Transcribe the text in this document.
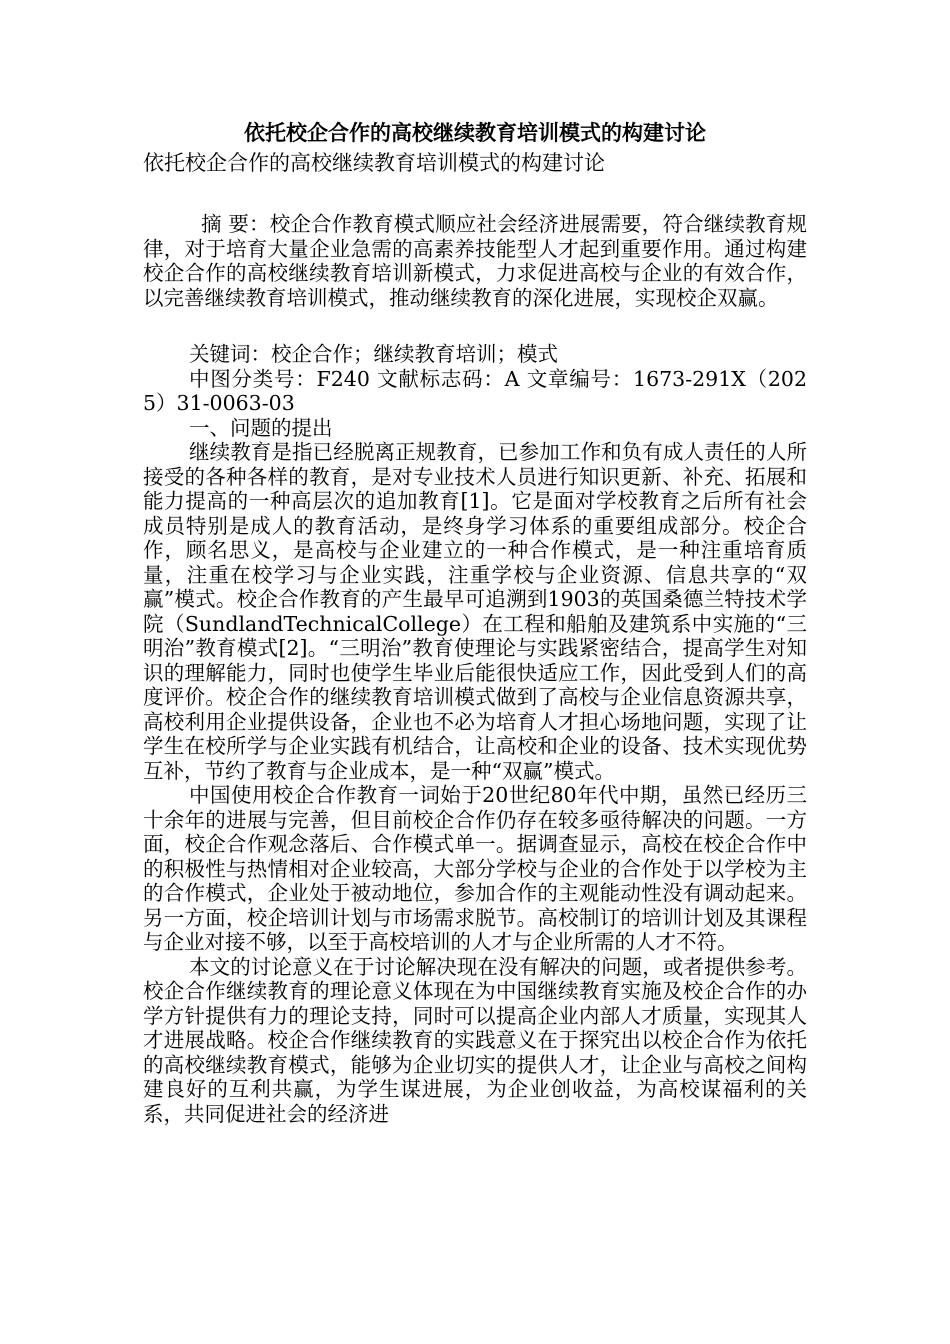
依托校企合作的高校继续教育培训模式的构建讨论

依托校企合作的高校继续教育培训模式的构建讨论

摘 要：校企合作教育模式顺应社会经济进展需要，符合继续教育规律，对于培育大量企业急需的高素养技能型人才起到重要作用。通过构建校企合作的高校继续教育培训新模式，力求促进高校与企业的有效合作，以完善继续教育培训模式，推动继续教育的深化进展，实现校企双赢。

关键词：校企合作；继续教育培训；模式

中图分类号：F240 文献标志码：A 文章编号：1673-291X（2025）31-0063-03

一、问题的提出

继续教育是指已经脱离正规教育，已参加工作和负有成人责任的人所接受的各种各样的教育，是对专业技术人员进行知识更新、补充、拓展和能力提高的一种高层次的追加教育[1]。它是面对学校教育之后所有社会成员特别是成人的教育活动，是终身学习体系的重要组成部分。校企合作，顾名思义，是高校与企业建立的一种合作模式，是一种注重培育质量，注重在校学习与企业实践，注重学校与企业资源、信息共享的“双赢”模式。校企合作教育的产生最早可追溯到1903的英国桑德兰特技术学院（SundlandTechnicalCollege）在工程和船舶及建筑系中实施的“三明治”教育模式[2]。“三明治”教育使理论与实践紧密结合，提高学生对知识的理解能力，同时也使学生毕业后能很快适应工作，因此受到人们的高度评价。校企合作的继续教育培训模式做到了高校与企业信息资源共享，高校利用企业提供设备，企业也不必为培育人才担心场地问题，实现了让学生在校所学与企业实践有机结合，让高校和企业的设备、技术实现优势互补，节约了教育与企业成本，是一种“双赢”模式。

中国使用校企合作教育一词始于20世纪80年代中期，虽然已经历三十余年的进展与完善，但目前校企合作仍存在较多亟待解决的问题。一方面，校企合作观念落后、合作模式单一。据调查显示，高校在校企合作中的积极性与热情相对企业较高，大部分学校与企业的合作处于以学校为主的合作模式，企业处于被动地位，参加合作的主观能动性没有调动起来。另一方面，校企培训计划与市场需求脱节。高校制订的培训计划及其课程与企业对接不够，以至于高校培训的人才与企业所需的人才不符。

本文的讨论意义在于讨论解决现在没有解决的问题，或者提供参考。校企合作继续教育的理论意义体现在为中国继续教育实施及校企合作的办学方针提供有力的理论支持，同时可以提高企业内部人才质量，实现其人才进展战略。校企合作继续教育的实践意义在于探究出以校企合作为依托的高校继续教育模式，能够为企业切实的提供人才，让企业与高校之间构建良好的互利共赢，为学生谋进展，为企业创收益，为高校谋福利的关系，共同促进社会的经济进
